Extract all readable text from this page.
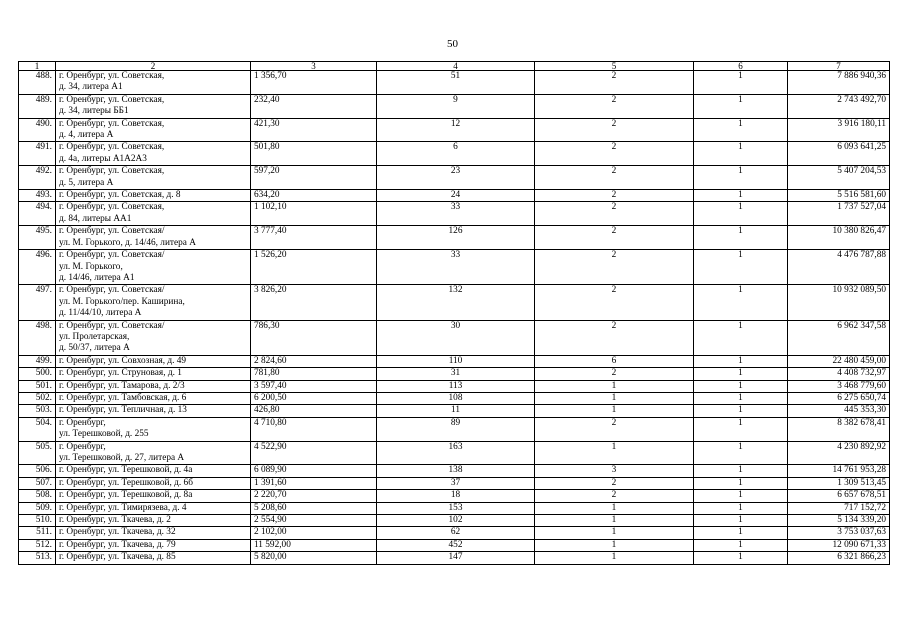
50
1	2	3	4	5	6	7
488.	г. Оренбург, ул. Советская,
д. 34, литера А1	1 356,70	51	2	1	7 886 940,36
489.	г. Оренбург, ул. Советская,
д. 34, литеры ББ1	232,40	9	2	1	2 743 492,70
490.	г. Оренбург, ул. Советская,
д. 4, литера А	421,30	12	2	1	3 916 180,11
491.	г. Оренбург, ул. Советская,
д. 4а, литеры А1А2А3	501,80	6	2	1	6 093 641,25
492.	г. Оренбург, ул. Советская,
д. 5, литера А	597,20	23	2	1	5 407 204,53
493.	г. Оренбург, ул. Советская, д. 8	634,20	24	2	1	5 516 581,60
494.	г. Оренбург, ул. Советская,
д. 84, литеры АА1	1 102,10	33	2	1	1 737 527,04
495.	г. Оренбург, ул. Советская/
ул. М. Горького, д. 14/46, литера А	3 777,40	126	2	1	10 380 826,47
496.	г. Оренбург, ул. Советская/
ул. М. Горького,
д. 14/46, литера А1	1 526,20	33	2	1	4 476 787,88
497.	г. Оренбург, ул. Советская/
ул. М. Горького/пер. Каширина,
д. 11/44/10, литера А	3 826,20	132	2	1	10 932 089,50
498.	г. Оренбург, ул. Советская/
ул. Пролетарская,
д. 50/37, литера А	786,30	30	2	1	6 962 347,58
499.	г. Оренбург, ул. Совхозная, д. 49	2 824,60	110	6	1	22 480 459,00
500.	г. Оренбург, ул. Струновая, д. 1	781,80	31	2	1	4 408 732,97
501.	г. Оренбург, ул. Тамарова, д. 2/3	3 597,40	113	1	1	3 468 779,60
502.	г. Оренбург, ул. Тамбовская, д. 6	6 200,50	108	1	1	6 275 650,74
503.	г. Оренбург, ул. Тепличная, д. 13	426,80	11	1	1	445 353,30
504.	г. Оренбург,
ул. Терешковой, д. 255	4 710,80	89	2	1	8 382 678,41
505.	г. Оренбург,
ул. Терешковой, д. 27, литера А	4 522,90	163	1	1	4 230 892,92
506.	г. Оренбург, ул. Терешковой, д. 4а	6 089,90	138	3	1	14 761 953,28
507.	г. Оренбург, ул. Терешковой, д. 6б	1 391,60	37	2	1	1 309 513,45
508.	г. Оренбург, ул. Терешковой, д. 8а	2 220,70	18	2	1	6 657 678,51
509.	г. Оренбург, ул. Тимирязева, д. 4	5 208,60	153	1	1	717 152,72
510.	г. Оренбург, ул. Ткачева, д. 2	2 554,90	102	1	1	5 134 339,20
511.	г. Оренбург, ул. Ткачева, д. 32	2 102,00	62	1	1	3 753 037,63
512.	г. Оренбург, ул. Ткачева, д. 79	11 592,00	452	1	1	12 090 671,33
513.	г. Оренбург, ул. Ткачева, д. 85	5 820,00	147	1	1	6 321 866,23
